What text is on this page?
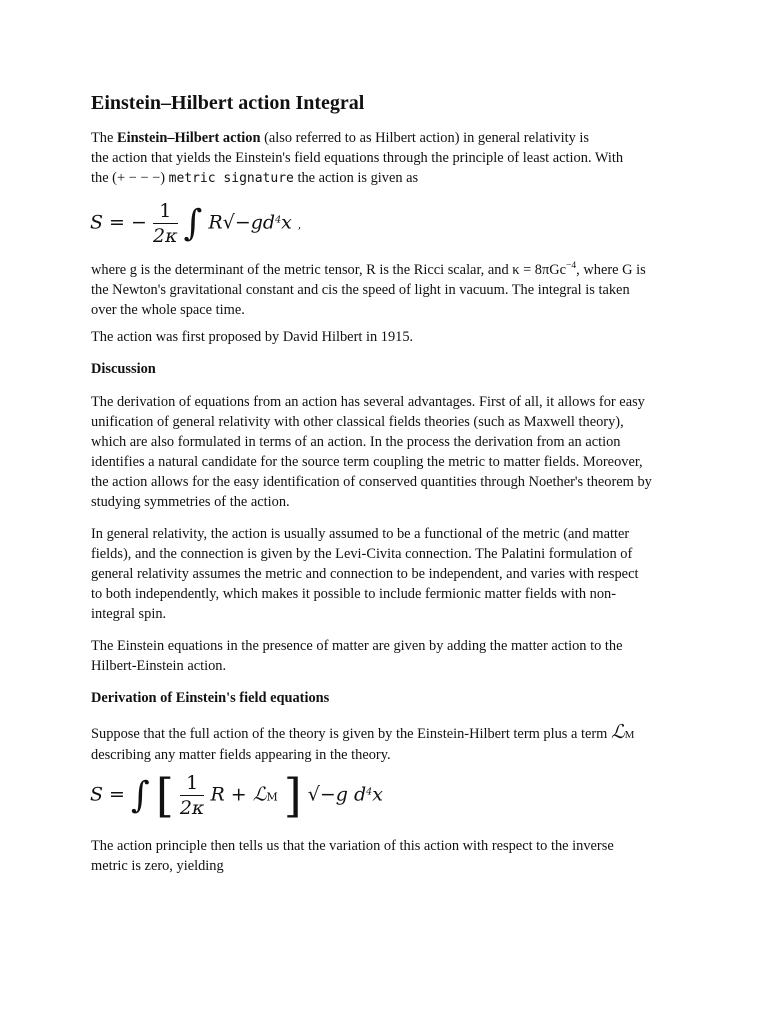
Einstein–Hilbert action Integral
The Einstein–Hilbert action (also referred to as Hilbert action) in general relativity is
the action that yields the Einstein's field equations through the principle of least action. With
the (+ − − −) metric signature the action is given as
S = − $\frac{1}{2\kappa}$ ∫ $R√-gd^4x$ ,
where g is the determinant of the metric tensor, R is the Ricci scalar, and κ = 8πGc$^{-4}$, where G is
the Newton's gravitational constant and cis the speed of light in vacuum. The integral is taken
over the whole space time.
The action was first proposed by David Hilbert in 1915.
Discussion
The derivation of equations from an action has several advantages. First of all, it allows for easy
unification of general relativity with other classical fields theories (such as Maxwell theory),
which are also formulated in terms of an action. In the process the derivation from an action
identifies a natural candidate for the source term coupling the metric to matter fields. Moreover,
the action allows for the easy identification of conserved quantities through Noether's theorem by
studying symmetries of the action.
In general relativity, the action is usually assumed to be a functional of the metric (and matter
fields), and the connection is given by the Levi-Civita connection. The Palatini formulation of
general relativity assumes the metric and connection to be independent, and varies with respect
to both independently, which makes it possible to include fermionic matter fields with non-
integral spin.
The Einstein equations in the presence of matter are given by adding the matter action to the
Hilbert-Einstein action.
Derivation of Einstein's field equations
Suppose that the full action of the theory is given by the Einstein-Hilbert term plus a term ℒM
describing any matter fields appearing in the theory.
S = ∫ [ $\frac{1}{2\kappa}$ R + ℒM ] √−g $d^4x$
The action principle then tells us that the variation of this action with respect to the inverse
metric is zero, yielding
